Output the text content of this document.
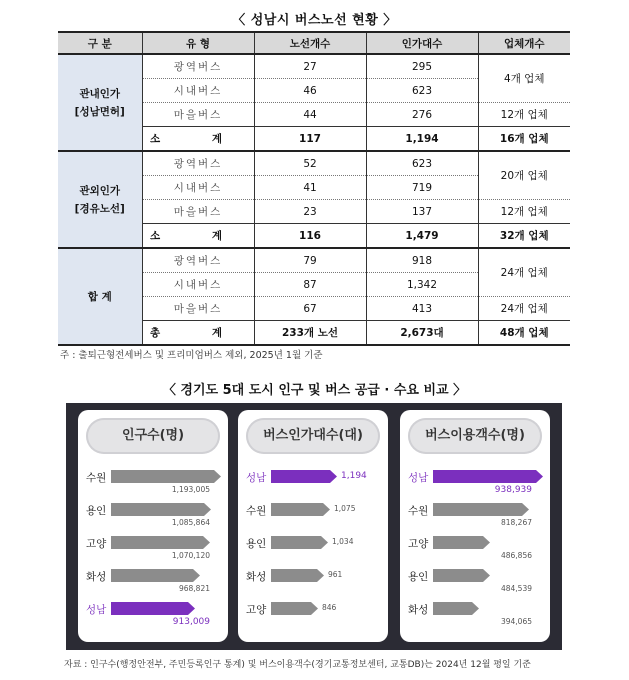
〈 성남시 버스노선 현황 〉
구 분	유 형	노선개수	인가대수	업체개수

관내인가
[성남면허]	광역버스	27	295	4개 업체
	시내버스	46	623	
	마을버스	44	276	12개 업체
	소 계	117	1,194	16개 업체

관외인가
[경유노선]	광역버스	52	623	20개 업체
	시내버스	41	719	
	마을버스	23	137	12개 업체
	소 계	116	1,479	32개 업체

합 계	광역버스	79	918	24개 업체
	시내버스	87	1,342	
	마을버스	67	413	24개 업체
	총 계	233개 노선	2,673대	48개 업체
주 : 출퇴근형전세버스 및 프리미엄버스 제외, 2025년 1월 기준
〈 경기도 5대 도시 인구 및 버스 공급 · 수요 비교 〉
인구수(명)
수원
1,193,005
용인
1,085,864
고양
1,070,120
화성
968,821
성남
913,009
버스인가대수(대)
성남	1,194
수원	1,075
용인	1,034
화성	961
고양	846
버스이용객수(명)
성남
938,939
수원
818,267
고양
486,856
용인
484,539
화성
394,065
자료 : 인구수(행정안전부, 주민등록인구 통계) 및 버스이용객수(경기교통정보센터, 교통DB)는 2024년 12월 평일 기준
